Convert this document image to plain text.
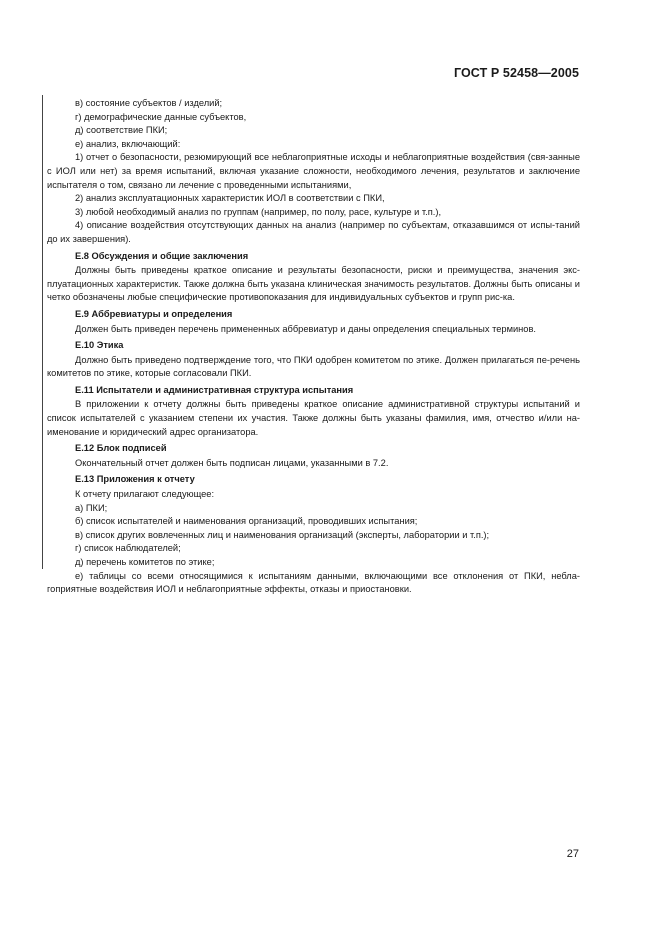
ГОСТ Р 52458—2005

в) состояние субъектов / изделий;

г) демографические данные субъектов,

д) соответствие ПКИ;

е) анализ, включающий:

1) отчет о безопасности, резюмирующий все неблагоприятные исходы и неблагоприятные воздействия (свя-занные с ИОЛ или нет) за время испытаний, включая указание сложности, необходимого лечения, результатов и заключение испытателя о том, связано ли лечение с проведенными испытаниями,

2) анализ эксплуатационных характеристик ИОЛ в соответствии с ПКИ,

3) любой необходимый анализ по группам (например, по полу, расе, культуре и т.п.),

4) описание воздействия отсутствующих данных на анализ (например по субъектам, отказавшимся от испы-таний до их завершения).

Е.8 Обсуждения и общие заключения

Должны быть приведены краткое описание и результаты безопасности, риски и преимущества, значения экс-плуатационных характеристик. Также должна быть указана клиническая значимость результатов. Должны быть описаны и четко обозначены любые специфические противопоказания для индивидуальных субъектов и групп рис-ка.

Е.9 Аббревиатуры и определения

Должен быть приведен перечень примененных аббревиатур и даны определения специальных терминов.

Е.10 Этика

Должно быть приведено подтверждение того, что ПКИ одобрен комитетом по этике. Должен прилагаться пе-речень комитетов по этике, которые согласовали ПКИ.

Е.11 Испытатели и административная структура испытания

В приложении к отчету должны быть приведены краткое описание административной структуры испытаний и список испытателей с указанием степени их участия. Также должны быть указаны фамилия, имя, отчество и/или на-именование и юридический адрес организатора.

Е.12 Блок подписей

Окончательный отчет должен быть подписан лицами, указанными в 7.2.

Е.13 Приложения к отчету

К отчету прилагают следующее:

а) ПКИ;

б) список испытателей и наименования организаций, проводивших испытания;

в) список других вовлеченных лиц и наименования организаций (эксперты, лаборатории и т.п.);

г) список наблюдателей;

д) перечень комитетов по этике;

е) таблицы со всеми относящимися к испытаниям данными, включающими все отклонения от ПКИ, небла-гоприятные воздействия ИОЛ и неблагоприятные эффекты, отказы и приостановки.

27
